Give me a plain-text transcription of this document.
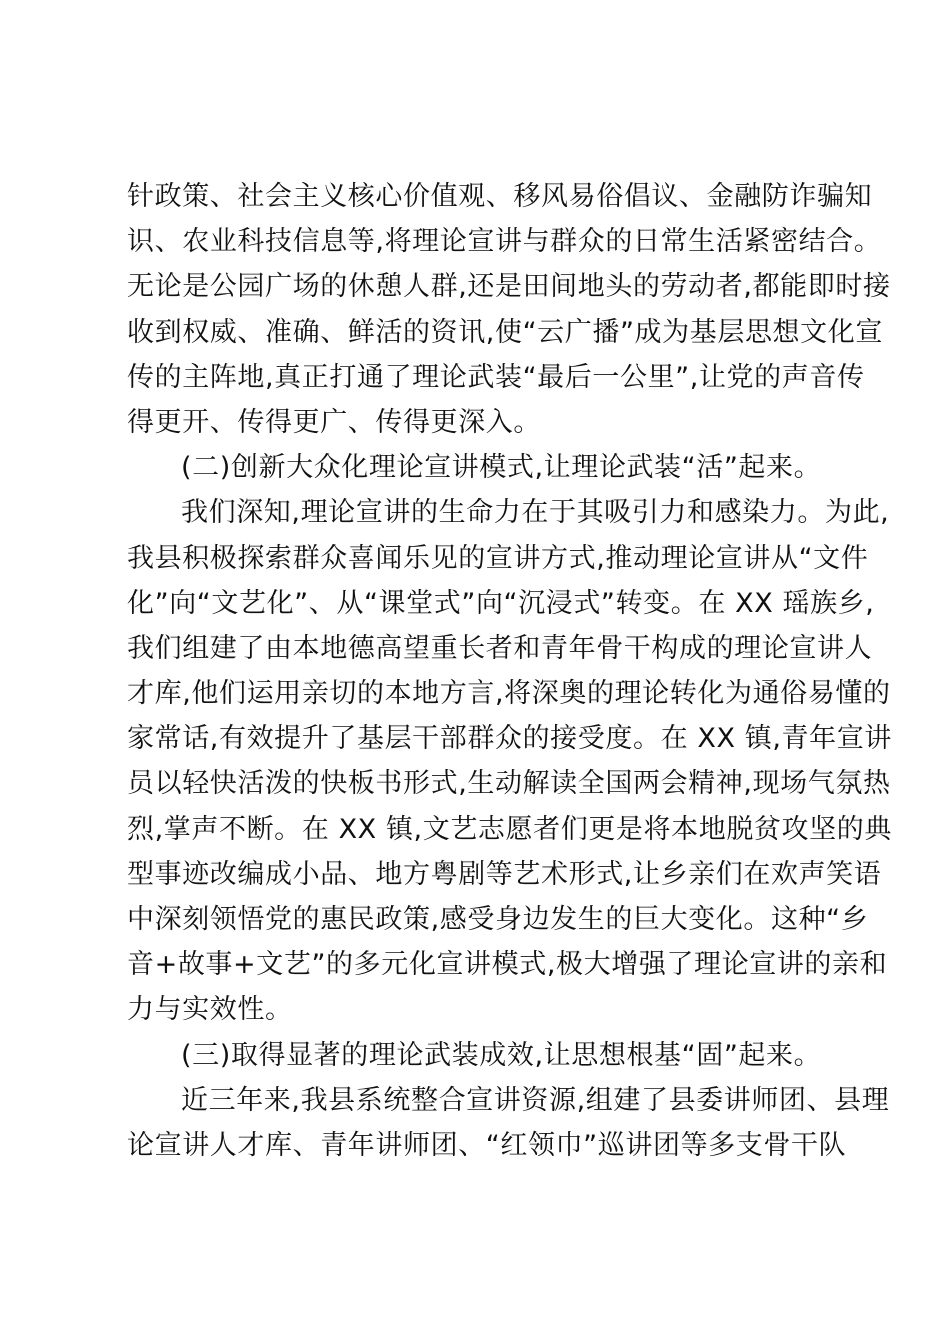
针政策、社会主义核心价值观、移风易俗倡议、金融防诈骗知
识、农业科技信息等,将理论宣讲与群众的日常生活紧密结合。
无论是公园广场的休憩人群,还是田间地头的劳动者,都能即时接
收到权威、准确、鲜活的资讯,使“云广播”成为基层思想文化宣
传的主阵地,真正打通了理论武装“最后一公里”,让党的声音传
得更开、传得更广、传得更深入。
(二)创新大众化理论宣讲模式,让理论武装“活”起来。
我们深知,理论宣讲的生命力在于其吸引力和感染力。为此,
我县积极探索群众喜闻乐见的宣讲方式,推动理论宣讲从“文件
化”向“文艺化”、从“课堂式”向“沉浸式”转变。在 XX 瑶族乡,
我们组建了由本地德高望重长者和青年骨干构成的理论宣讲人
才库,他们运用亲切的本地方言,将深奥的理论转化为通俗易懂的
家常话,有效提升了基层干部群众的接受度。在 XX 镇,青年宣讲
员以轻快活泼的快板书形式,生动解读全国两会精神,现场气氛热
烈,掌声不断。在 XX 镇,文艺志愿者们更是将本地脱贫攻坚的典
型事迹改编成小品、地方粤剧等艺术形式,让乡亲们在欢声笑语
中深刻领悟党的惠民政策,感受身边发生的巨大变化。这种“乡
音+故事+文艺”的多元化宣讲模式,极大增强了理论宣讲的亲和
力与实效性。
(三)取得显著的理论武装成效,让思想根基“固”起来。
近三年来,我县系统整合宣讲资源,组建了县委讲师团、县理
论宣讲人才库、青年讲师团、“红领巾”巡讲团等多支骨干队
